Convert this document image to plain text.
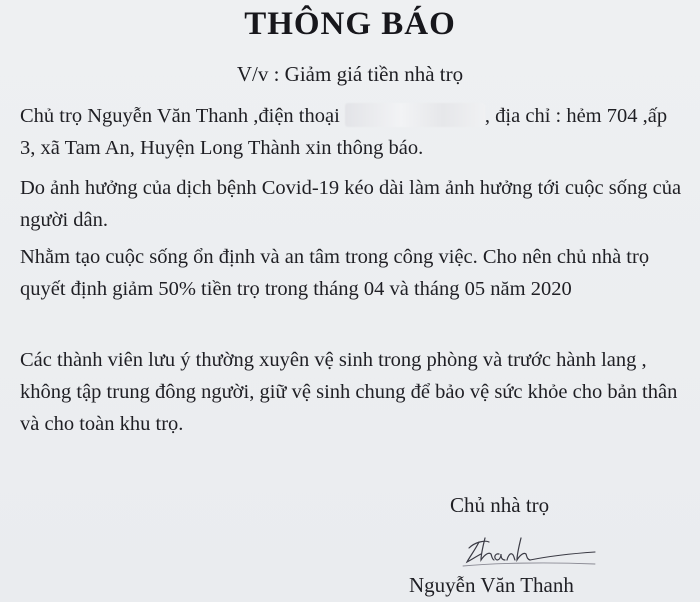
THÔNG BÁO
V/v : Giảm giá tiền nhà trọ

Chủ trọ Nguyễn Văn Thanh ,điện thoại	, địa chỉ : hẻm 704 ,ấp 3, xã Tam An, Huyện Long Thành xin thông báo.

Do ảnh hưởng của dịch bệnh Covid-19 kéo dài làm ảnh hưởng tới cuộc sống của người dân.

Nhằm tạo cuộc sống ổn định và an tâm trong công việc. Cho nên chủ nhà trọ quyết định giảm 50% tiền trọ trong tháng 04 và tháng 05 năm 2020

Các thành viên lưu ý thường xuyên vệ sinh trong phòng và trước hành lang , không tập trung đông người, giữ vệ sinh chung để bảo vệ sức khỏe cho bản thân và cho toàn khu trọ.

Chủ nhà trọ
Nguyễn Văn Thanh
